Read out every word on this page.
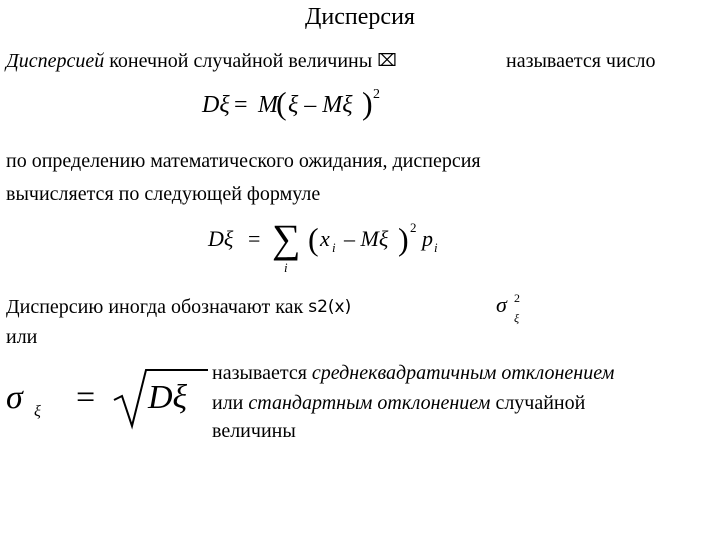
Дисперсия
Дисперсией конечной случайной величины ⌧	называется число
Dξ = M
( ξ – Mξ ) 2
по определению математического ожидания, дисперсия
вычисляется по следующей формуле
Dξ = ∑
i
( x i – Mξ ) 2 p i
Дисперсию иногда обозначают как s2(x)
или
σ 2
ξ
σ ξ = Dξ
называется среднеквадратичным отклонением
или стандартным отклонением случайной
величины
